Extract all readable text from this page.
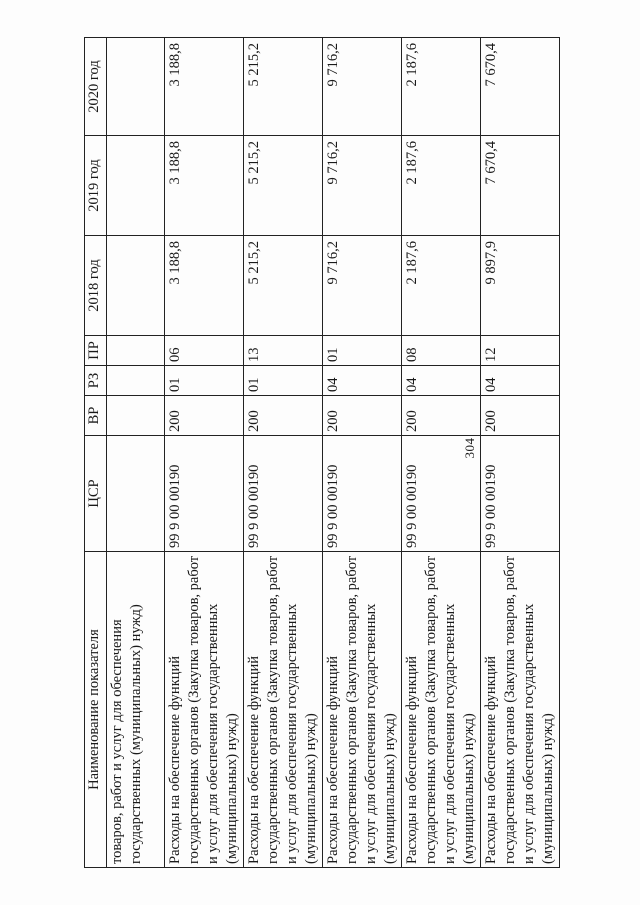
304
Наименование показателя	ЦСР	ВР	РЗ	ПР	2018 год	2019 год	2020 год
товаров, работ и услуг для обеспечения государственных (муниципальных) нужд)							
Расходы на обеспечение функций государственных органов (Закупка товаров, работ и услуг для обеспечения государственных (муниципальных) нужд)	99 9 00 00190	200	01	06	3 188,8	3 188,8	3 188,8
Расходы на обеспечение функций государственных органов (Закупка товаров, работ и услуг для обеспечения государственных (муниципальных) нужд)	99 9 00 00190	200	01	13	5 215,2	5 215,2	5 215,2
Расходы на обеспечение функций государственных органов (Закупка товаров, работ и услуг для обеспечения государственных (муниципальных) нужд)	99 9 00 00190	200	04	01	9 716,2	9 716,2	9 716,2
Расходы на обеспечение функций государственных органов (Закупка товаров, работ и услуг для обеспечения государственных (муниципальных) нужд)	99 9 00 00190	200	04	08	2 187,6	2 187,6	2 187,6
Расходы на обеспечение функций государственных органов (Закупка товаров, работ и услуг для обеспечения государственных (муниципальных) нужд)	99 9 00 00190	200	04	12	9 897,9	7 670,4	7 670,4
